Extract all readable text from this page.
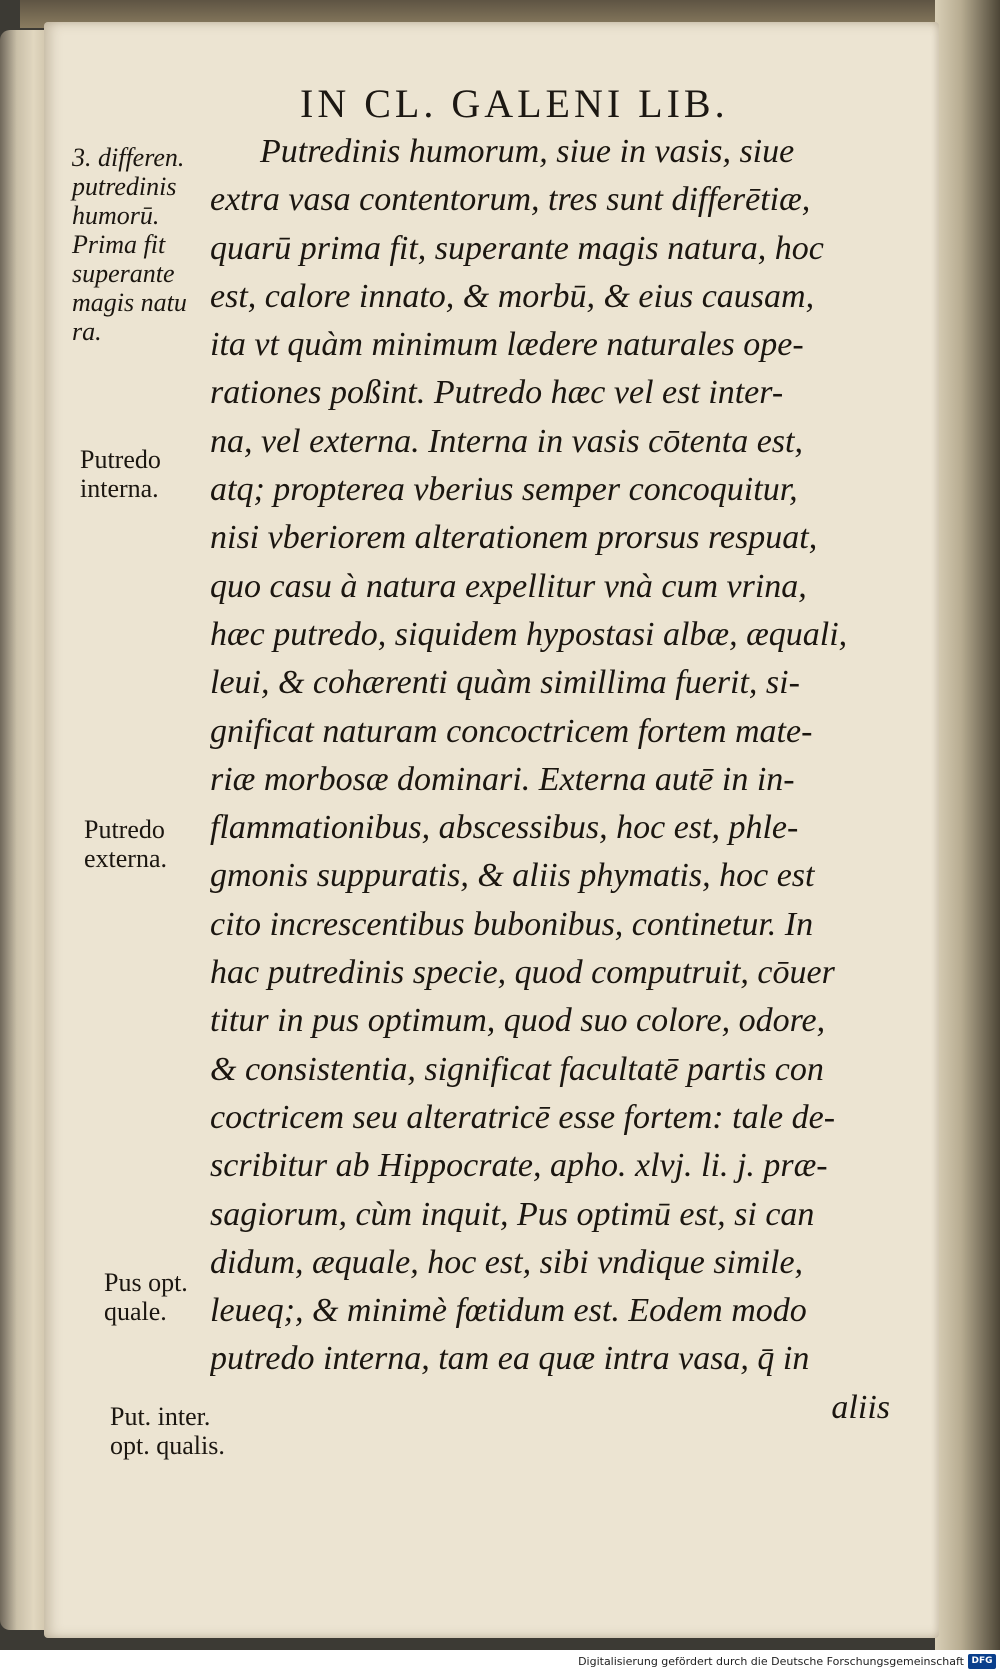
IN CL. GALENI LIB.
Putredinis humorum, siue in vasis, siue
extra vasa contentorum, tres sunt differētiæ,
quarū prima fit, superante magis natura, hoc
est, calore innato, & morbū, & eius causam,
ita vt quàm minimum lædere naturales ope-
rationes poßint. Putredo hæc vel est inter-
na, vel externa. Interna in vasis cōtenta est,
atq; propterea vberius semper concoquitur,
nisi vberiorem alterationem prorsus respuat,
quo casu à natura expellitur vnà cum vrina,
hæc putredo, siquidem hypostasi albæ, æquali,
leui, & cohærenti quàm simillima fuerit, si-
gnificat naturam concoctricem fortem mate-
riæ morbosæ dominari. Externa autē in in-
flammationibus, abscessibus, hoc est, phle-
gmonis suppuratis, & aliis phymatis, hoc est
cito increscentibus bubonibus, continetur. In
hac putredinis specie, quod computruit, cōuer
titur in pus optimum, quod suo colore, odore,
& consistentia, significat facultatē partis con
coctricem seu alteratricē esse fortem: tale de-
scribitur ab Hippocrate, apho. xlvj. li. j. præ-
sagiorum, cùm inquit, Pus optimū est, si can
didum, æquale, hoc est, sibi vndique simile,
leueq;, & minimè fœtidum est. Eodem modo
putredo interna, tam ea quæ intra vasa, q̄ in
aliis
3. differen.
putredinis
humorū.
Prima fit
superante
magis natu
ra.
Putredo
interna.
Putredo
externa.
Pus opt.
quale.
Put. inter.
opt. qualis.
Digitalisierung gefördert durch die Deutsche Forschungsgemeinschaft DFG
